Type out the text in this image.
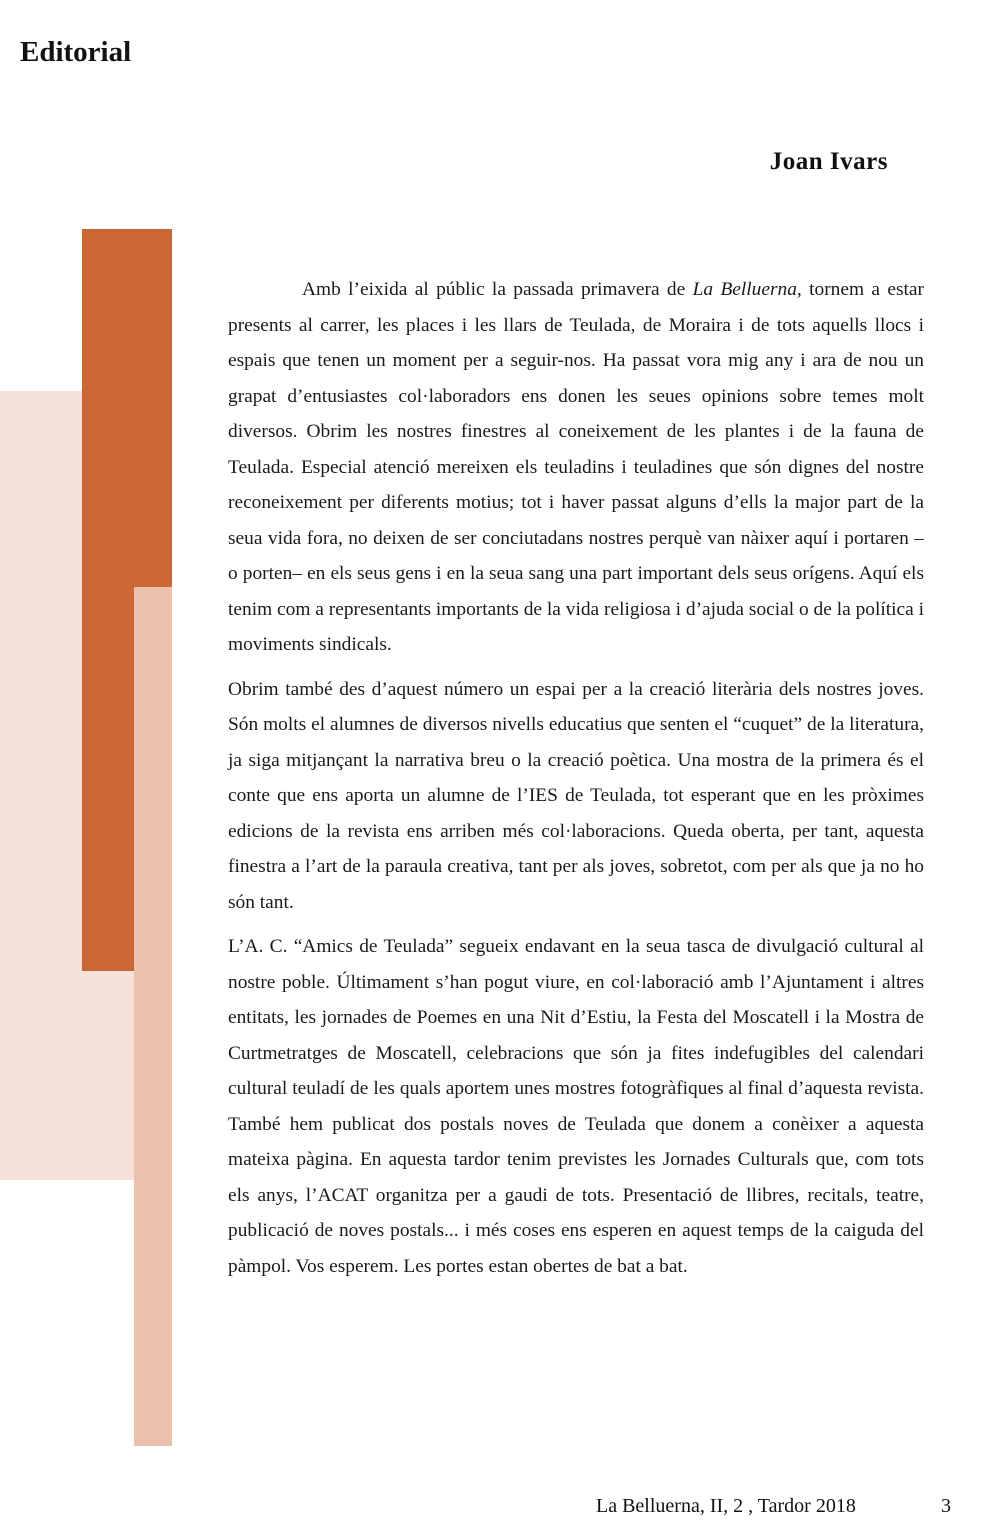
Editorial
Joan Ivars

Amb l’eixida al públic la passada primavera de La Belluerna, tornem a estar presents al carrer, les places i les llars de Teulada, de Moraira i de tots aquells llocs i espais que tenen un moment per a seguir-nos. Ha passat vora mig any i ara de nou un grapat d’entusiastes col·laboradors ens donen les seues opinions sobre temes molt diversos. Obrim les nostres finestres al coneixement de les plantes i de la fauna de Teulada. Especial atenció mereixen els teuladins i teuladines que són dignes del nostre reconeixement per diferents motius; tot i haver passat alguns d’ells la major part de la seua vida fora, no deixen de ser conciutadans nostres perquè van nàixer aquí i portaren –o porten– en els seus gens i en la seua sang una part important dels seus orígens. Aquí els tenim com a representants importants de la vida religiosa i d’ajuda social o de la política i moviments sindicals.

Obrim també des d’aquest número un espai per a la creació literària dels nostres joves. Són molts el alumnes de diversos nivells educatius que senten el “cuquet” de la literatura, ja siga mitjançant la narrativa breu o la creació poètica. Una mostra de la primera és el conte que ens aporta un alumne de l’IES de Teulada, tot esperant que en les pròximes edicions de la revista ens arriben més col·laboracions. Queda oberta, per tant, aquesta finestra a l’art de la paraula creativa, tant per als joves, sobretot, com per als que ja no ho són tant.

L’A. C. “Amics de Teulada” segueix endavant en la seua tasca de divulgació cultural al nostre poble. Últimament s’han pogut viure, en col·laboració amb l’Ajuntament i altres entitats, les jornades de Poemes en una Nit d’Estiu, la Festa del Moscatell i la Mostra de Curtmetratges de Moscatell, celebracions que són ja fites indefugibles del calendari cultural teuladí de les quals aportem unes mostres fotogràfiques al final d’aquesta revista. També hem publicat dos postals noves de Teulada que donem a conèixer a aquesta mateixa pàgina. En aquesta tardor tenim previstes les Jornades Culturals que, com tots els anys, l’ACAT organitza per a gaudi de tots. Presentació de llibres, recitals, teatre, publicació de noves postals... i més coses ens esperen en aquest temps de la caiguda del pàmpol. Vos esperem. Les portes estan obertes de bat a bat.

La Belluerna, II, 2 , Tardor 2018	3
